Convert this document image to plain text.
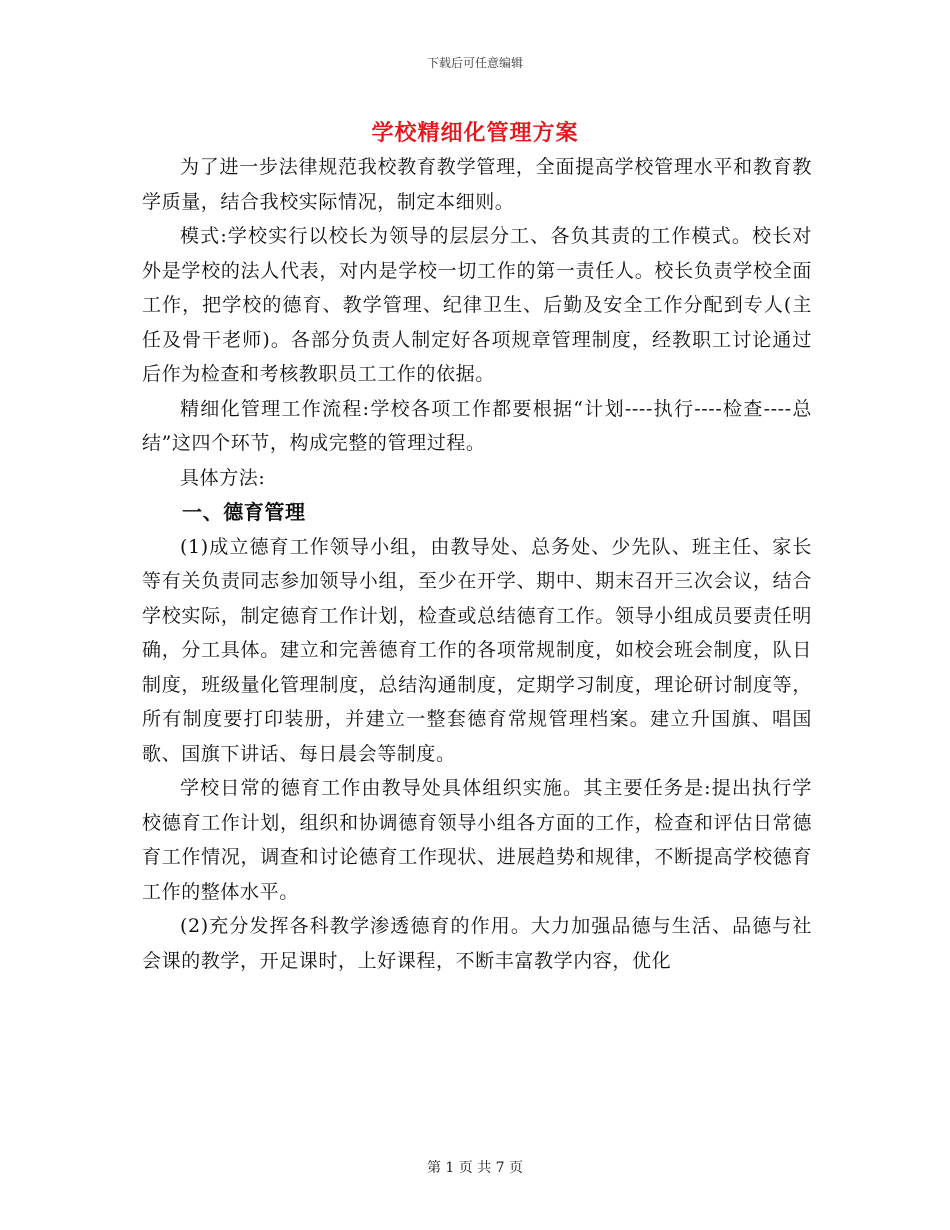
下载后可任意编辑
学校精细化管理方案

为了进一步法律规范我校教育教学管理，全面提高学校管理水平和教育教学质量，结合我校实际情况，制定本细则。

模式:学校实行以校长为领导的层层分工、各负其责的工作模式。校长对外是学校的法人代表，对内是学校一切工作的第一责任人。校长负责学校全面工作，把学校的德育、教学管理、纪律卫生、后勤及安全工作分配到专人(主任及骨干老师)。各部分负责人制定好各项规章管理制度，经教职工讨论通过后作为检查和考核教职员工工作的依据。

精细化管理工作流程:学校各项工作都要根据“计划----执行----检查----总结”这四个环节，构成完整的管理过程。

具体方法:

一、德育管理

(1)成立德育工作领导小组，由教导处、总务处、少先队、班主任、家长等有关负责同志参加领导小组，至少在开学、期中、期末召开三次会议，结合学校实际，制定德育工作计划，检查或总结德育工作。领导小组成员要责任明确，分工具体。建立和完善德育工作的各项常规制度，如校会班会制度，队日制度，班级量化管理制度，总结沟通制度，定期学习制度，理论研讨制度等，所有制度要打印装册，并建立一整套德育常规管理档案。建立升国旗、唱国歌、国旗下讲话、每日晨会等制度。

学校日常的德育工作由教导处具体组织实施。其主要任务是:提出执行学校德育工作计划，组织和协调德育领导小组各方面的工作，检查和评估日常德育工作情况，调查和讨论德育工作现状、进展趋势和规律，不断提高学校德育工作的整体水平。

(2)充分发挥各科教学渗透德育的作用。大力加强品德与生活、品德与社会课的教学，开足课时，上好课程，不断丰富教学内容，优化

第 1 页 共 7 页
